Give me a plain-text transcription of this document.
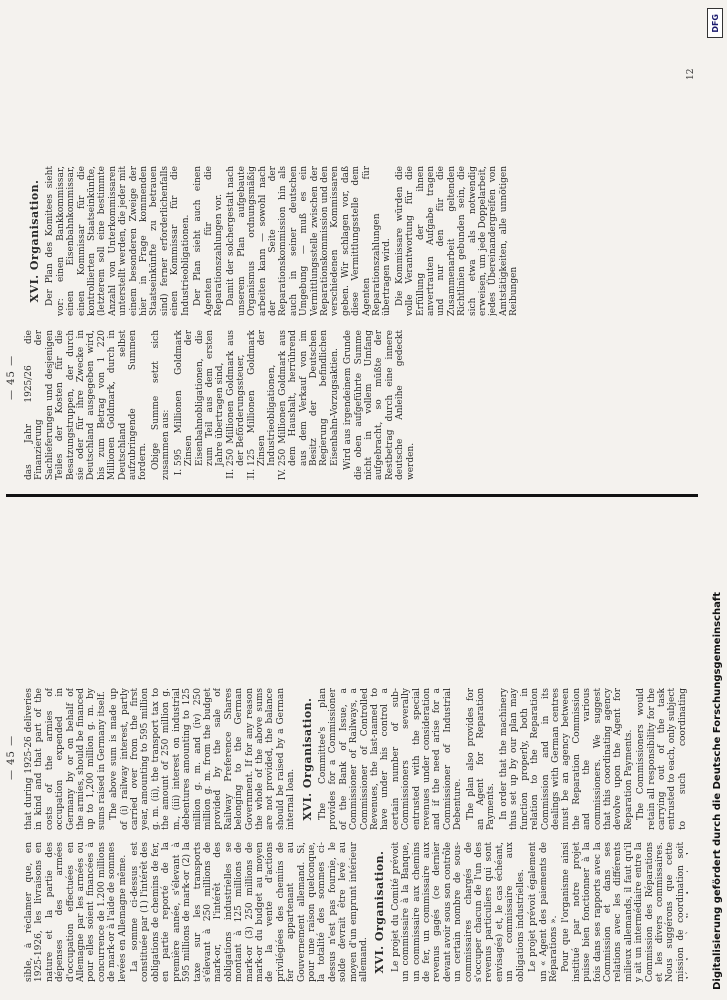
— 45 —

sible, à réclamer que, en 1925-1926, les livraisons en nature et la partie des dépenses des armées d'occupation effectuées en Allemagne par les armées ou pour elles soient financées à concurrence de 1.200 millions de mark-or à l'aide de sommes levées en Allemagne même. La somme ci-dessus est constituée par (1) l'intérêt des obligations de chemins de fer, en partie reporté de la première année, s'élevant à 595 millions de mark-or (2) la taxe sur les transports s'élevant à 250 millions de mark-or, l'intérêt des obligations industrielles se montant à 125 millions de mark-or (3) 250 millions de mark-or du budget au moyen de la vente d'actions privilégiées des chemins de fer appartenant au Gouvernement allemand. Si, pour une raison quelconque, la totalité des sommes ci-dessus n'est pas fournie, le solde devrait être levé au moyen d'un emprunt intérieur allemand. XVI. Organisation. Le projet du Comité prévoit un commissaire à la Banque, un commissaire aux chemins de fer, un commissaire aux revenus gagés (ce dernier devant avoir sous son contrôle un certain nombre de sous-commissaires chargés de s'occuper chacun de l'un des revenus particuliers qui sont envisagés) et, le cas échéant, un commissaire aux obligations industrielles. Le projet prévoit également un « Agent des paiements de Réparations ». Pour que l'organisme ainsi institué par notre projet puisse bien fonctionner à la fois dans ses rapports avec la Commission et dans ses relations avec les différents milieux allemands, il faut qu'il y ait un intermédiaire entre la Commission des Réparations et les divers commissaires. Nous suggérons que cette mission de coordination soit

that during 1925-26 deliveries in kind and that part of the costs of the armies of occupation expended in Germany by or on behalf of the armies, should be financed up to 1,200 million g. m. by sums raised in Germany itself. The above sum is made up of (i) railway interest, partly carried over from the first year, amounting to 595 million g. m. (ii), the transport tax to the amount of 250 million g. m., (iii) interest on industrial debentures amounting to 125 million g. m. and (iv) 250 million g. m. from the budget provided by the sale of Railway Preference Shares belonging to the German Government. If for any reason the whole of the above sums are not provided, the balance should be raised by a German internal loan. XVI. Organisation. The Committee's plan provides for a Commissioner of the Bank of Issue, a Commissioner of Railways, a Commissioner of Controlled Revenues, the last-named to have under his control a certain number of sub-Commissioners severally entrusted with the special revenues under consideration and if the need arise for a Commissioner of Industrial Debenture. The plan also provides for an Agent for Reparation Payments. In order that the machinery thus set up by our plan may function properly, both in relation to the Reparation Commission and in its dealings with German centres must be an agency between the Reparation Commission and the various commissioners. We suggest that this coordinating agency devolve upon the Agent for Reparation Payments. The Commissioners would retain all responsibility for the carrying out of the task entrusted to each, only subject to such coordinating

— 45 — das Jahr 1925/26 die Finanzierung der Sachlieferungen und desjenigen Teiles der Kosten für die Besatzungstruppen, der durch sie oder für ihre Zwecke in Deutschland ausgegeben wird, bis zum Betrag von 1 220 Millionen Goldmark, durch in Deutschland selbst aufzubringende Summen fordern. Obige Summe setzt sich zusammen aus: I. 595 Millionen Goldmark Zinsen der Eisenbahnobligationen, die zum Teil aus dem ersten Jahre übertragen sind, II. 250 Millionen Goldmark aus der Beförderungssteuer, III. 125 Millionen Goldmark Zinsen der Industrieobligationen, IV. 250 Millionen Goldmark aus dem Haushalt, herrührend aus dem Verkauf von im Besitz der Deutschen Regierung befindlichen Eisenbahn-Vorzugsaktien. Wird aus irgendeinem Grunde die oben aufgeführte Summe nicht in vollem Umfang aufgebracht, so müßte der Restbetrag durch eine innere deutsche Anleihe gedeckt werden.

XVI. Organisation. Der Plan des Komitees sieht vor: einen Bankkommissar, einen Eisenbahnkommissar, einen Kommissar für die kontrollierten Staatseinkünfte, (letzterem soll eine bestimmte Anzahl von Unterkommissaren unterstellt werden, die jeder mit einem besonderen Zweige der hier in Frage kommenden Staatseinkünfte zu betrauen sind) ferner erforderlichenfalls einen Kommissar für die Industrieobligationen. Der Plan sieht auch einen Agenten für die Reparationszahlungen vor. Damit der solchergestalt nach unserem Plan aufgebaute Organismus ordnungsmäßig arbeiten kann — sowohl nach der Seite der Reparationskommission hin als auch in seiner deutschen Umgebung — muß es ein Vermittlungsstelle zwischen der Reparationskommission und den verschiedenen Kommissaren geben. Wir schlagen vor, daß diese Vermittlungsstelle dem Agenten für Reparationszahlungen übertragen wird. Die Kommissare würden die volle Verantwortung für die Erfüllung der ihnen anvertrauten Aufgabe tragen und nur den für die Zusammenarbeit geltenden Richtlinien gebunden sein, die sich etwa als notwendig erweisen, um jede Doppelarbeit, jedes Übereinandergreifen von Amtstätigkeiten, alle unnötigen Reibungen

12
DFG
Digitalisierung gefördert durch die Deutsche Forschungsgemeinschaft
